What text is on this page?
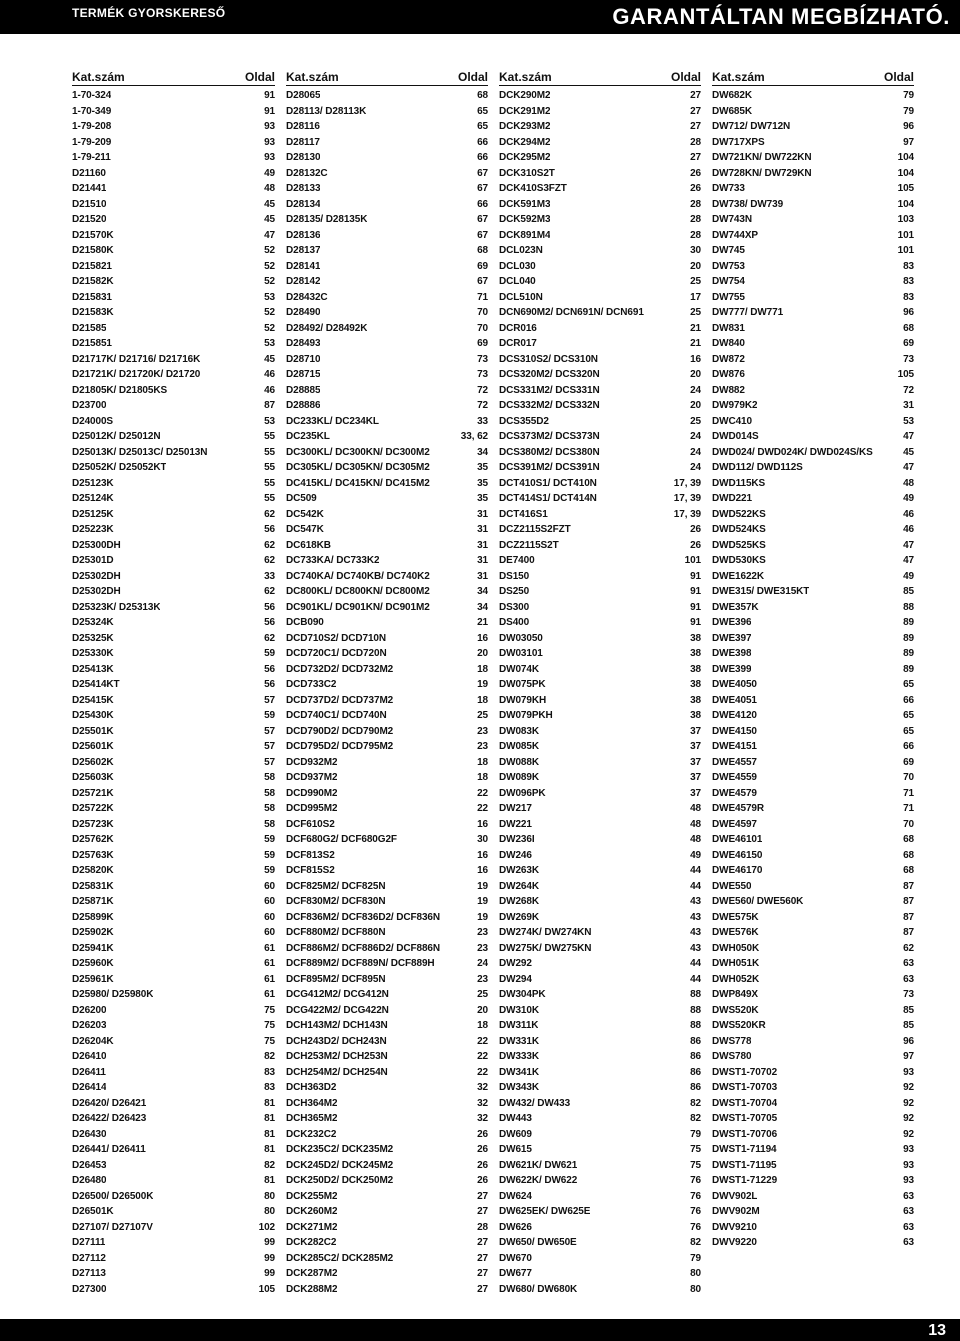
TERMÉK GYORSKERESŐ	GARANTÁLTAN MEGBÍZHATÓ.
Kat.szám	Oldal
1-70-324	91
1-70-349	91
1-79-208	93
1-79-209	93
1-79-211	93
D21160	49
D21441	48
D21510	45
D21520	45
D21570K	47
D21580K	52
D215821	52
D21582K	52
D215831	53
D21583K	52
D21585	52
D215851	53
D21717K/ D21716/ D21716K	45
D21721K/ D21720K/ D21720	46
D21805K/ D21805KS	46
D23700	87
D24000S	53
D25012K/ D25012N	55
D25013K/ D25013C/ D25013N	55
D25052K/ D25052KT	55
D25123K	55
D25124K	55
D25125K	62
D25223K	56
D25300DH	62
D25301D	62
D25302DH	33
D25302DH	62
D25323K/ D25313K	56
D25324K	56
D25325K	62
D25330K	59
D25413K	56
D25414KT	56
D25415K	57
D25430K	59
D25501K	57
D25601K	57
D25602K	57
D25603K	58
D25721K	58
D25722K	58
D25723K	58
D25762K	59
D25763K	59
D25820K	59
D25831K	60
D25871K	60
D25899K	60
D25902K	60
D25941K	61
D25960K	61
D25961K	61
D25980/ D25980K	61
D26200	75
D26203	75
D26204K	75
D26410	82
D26411	83
D26414	83
D26420/ D26421	81
D26422/ D26423	81
D26430	81
D26441/ D26411	81
D26453	82
D26480	81
D26500/ D26500K	80
D26501K	80
D27107/ D27107V	102
D27111	99
D27112	99
D27113	99
D27300	105
Kat.szám	Oldal
D28065	68
D28113/ D28113K	65
D28116	65
D28117	66
D28130	66
D28132C	67
D28133	67
D28134	66
D28135/ D28135K	67
D28136	67
D28137	68
D28141	69
D28142	67
D28432C	71
D28490	70
D28492/ D28492K	70
D28493	69
D28710	73
D28715	73
D28885	72
D28886	72
DC233KL/ DC234KL	33
DC235KL	33, 62
DC300KL/ DC300KN/ DC300M2	34
DC305KL/ DC305KN/ DC305M2	35
DC415KL/ DC415KN/ DC415M2	35
DC509	35
DC542K	31
DC547K	31
DC618KB	31
DC733KA/ DC733K2	31
DC740KA/ DC740KB/ DC740K2	31
DC800KL/ DC800KN/ DC800M2	34
DC901KL/ DC901KN/ DC901M2	34
DCB090	21
DCD710S2/ DCD710N	16
DCD720C1/ DCD720N	20
DCD732D2/ DCD732M2	18
DCD733C2	19
DCD737D2/ DCD737M2	18
DCD740C1/ DCD740N	25
DCD790D2/ DCD790M2	23
DCD795D2/ DCD795M2	23
DCD932M2	18
DCD937M2	18
DCD990M2	22
DCD995M2	22
DCF610S2	16
DCF680G2/ DCF680G2F	30
DCF813S2	16
DCF815S2	16
DCF825M2/ DCF825N	19
DCF830M2/ DCF830N	19
DCF836M2/ DCF836D2/ DCF836N	19
DCF880M2/ DCF880N	23
DCF886M2/ DCF886D2/ DCF886N	23
DCF889M2/ DCF889N/ DCF889H	24
DCF895M2/ DCF895N	23
DCG412M2/ DCG412N	25
DCG422M2/ DCG422N	20
DCH143M2/ DCH143N	18
DCH243D2/ DCH243N	22
DCH253M2/ DCH253N	22
DCH254M2/ DCH254N	22
DCH363D2	32
DCH364M2	32
DCH365M2	32
DCK232C2	26
DCK235C2/ DCK235M2	26
DCK245D2/ DCK245M2	26
DCK250D2/ DCK250M2	26
DCK255M2	27
DCK260M2	27
DCK271M2	28
DCK282C2	27
DCK285C2/ DCK285M2	27
DCK287M2	27
DCK288M2	27
Kat.szám	Oldal
DCK290M2	27
DCK291M2	27
DCK293M2	27
DCK294M2	28
DCK295M2	27
DCK310S2T	26
DCK410S3FZT	26
DCK591M3	28
DCK592M3	28
DCK891M4	28
DCL023N	30
DCL030	20
DCL040	25
DCL510N	17
DCN690M2/ DCN691N/ DCN691	25
DCR016	21
DCR017	21
DCS310S2/ DCS310N	16
DCS320M2/ DCS320N	20
DCS331M2/ DCS331N	24
DCS332M2/ DCS332N	20
DCS355D2	25
DCS373M2/ DCS373N	24
DCS380M2/ DCS380N	24
DCS391M2/ DCS391N	24
DCT410S1/ DCT410N	17, 39
DCT414S1/ DCT414N	17, 39
DCT416S1	17, 39
DCZ2115S2FZT	26
DCZ2115S2T	26
DE7400	101
DS150	91
DS250	91
DS300	91
DS400	91
DW03050	38
DW03101	38
DW074K	38
DW075PK	38
DW079KH	38
DW079PKH	38
DW083K	37
DW085K	37
DW088K	37
DW089K	37
DW096PK	37
DW217	48
DW221	48
DW236I	48
DW246	49
DW263K	44
DW264K	44
DW268K	43
DW269K	43
DW274K/ DW274KN	43
DW275K/ DW275KN	43
DW292	44
DW294	44
DW304PK	88
DW310K	88
DW311K	88
DW331K	86
DW333K	86
DW341K	86
DW343K	86
DW432/ DW433	82
DW443	82
DW609	79
DW615	75
DW621K/ DW621	75
DW622K/ DW622	76
DW624	76
DW625EK/ DW625E	76
DW626	76
DW650/ DW650E	82
DW670	79
DW677	80
DW680/ DW680K	80
Kat.szám	Oldal
DW682K	79
DW685K	79
DW712/ DW712N	96
DW717XPS	97
DW721KN/ DW722KN	104
DW728KN/ DW729KN	104
DW733	105
DW738/ DW739	104
DW743N	103
DW744XP	101
DW745	101
DW753	83
DW754	83
DW755	83
DW777/ DW771	96
DW831	68
DW840	69
DW872	73
DW876	105
DW882	72
DW979K2	31
DWC410	53
DWD014S	47
DWD024/ DWD024K/ DWD024S/KS	45
DWD112/ DWD112S	47
DWD115KS	48
DWD221	49
DWD522KS	46
DWD524KS	46
DWD525KS	47
DWD530KS	47
DWE1622K	49
DWE315/ DWE315KT	85
DWE357K	88
DWE396	89
DWE397	89
DWE398	89
DWE399	89
DWE4050	65
DWE4051	66
DWE4120	65
DWE4150	65
DWE4151	66
DWE4557	69
DWE4559	70
DWE4579	71
DWE4579R	71
DWE4597	70
DWE46101	68
DWE46150	68
DWE46170	68
DWE550	87
DWE560/ DWE560K	87
DWE575K	87
DWE576K	87
DWH050K	62
DWH051K	63
DWH052K	63
DWP849X	73
DWS520K	85
DWS520KR	85
DWS778	96
DWS780	97
DWST1-70702	93
DWST1-70703	92
DWST1-70704	92
DWST1-70705	92
DWST1-70706	92
DWST1-71194	93
DWST1-71195	93
DWST1-71229	93
DWV902L	63
DWV902M	63
DWV9210	63
DWV9220	63
13
